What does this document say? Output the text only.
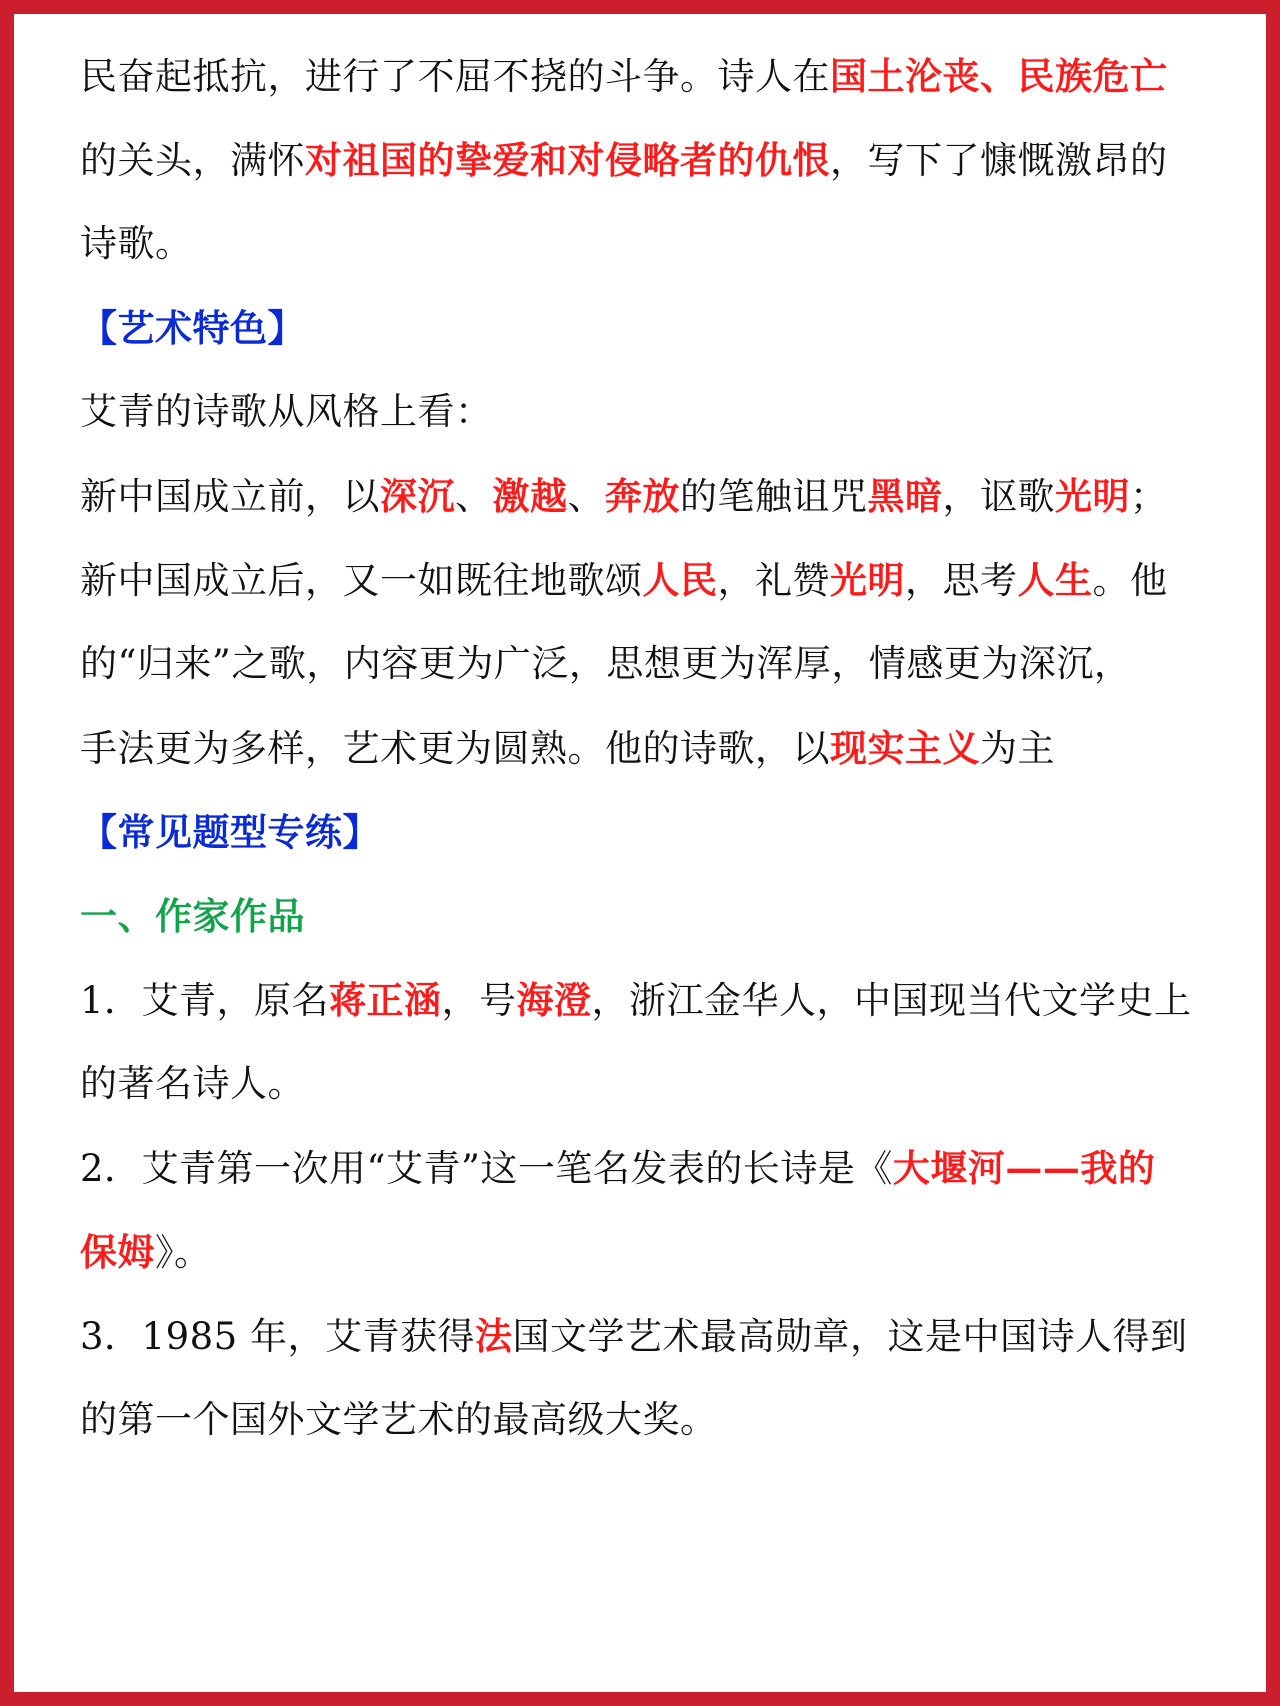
民奋起抵抗，进行了不屈不挠的斗争。诗人在国土沦丧、民族危亡
的关头，满怀对祖国的挚爱和对侵略者的仇恨，写下了慷慨激昂的
诗歌。
【艺术特色】
艾青的诗歌从风格上看：
新中国成立前，以深沉、激越、奔放的笔触诅咒黑暗，讴歌光明；
新中国成立后，又一如既往地歌颂人民，礼赞光明，思考人生。他
的“归来”之歌，内容更为广泛，思想更为浑厚，情感更为深沉，
手法更为多样，艺术更为圆熟。他的诗歌，以现实主义为主
【常见题型专练】
一、作家作品
1．艾青，原名蒋正涵，号海澄，浙江金华人，中国现当代文学史上
的著名诗人。
2．艾青第一次用“艾青”这一笔名发表的长诗是《大堰河——我的
保姆》。
3．1985 年，艾青获得法国文学艺术最高勋章，这是中国诗人得到
的第一个国外文学艺术的最高级大奖。
